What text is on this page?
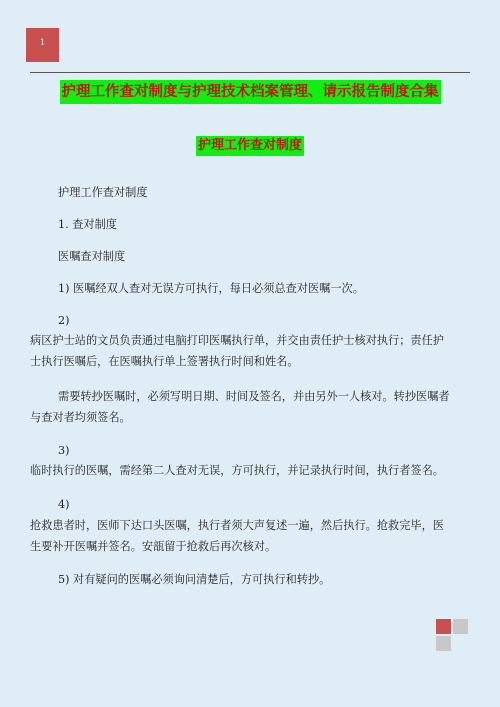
1
护理工作查对制度与护理技术档案管理、请示报告制度合集
护理工作查对制度
护理工作查对制度
1. 查对制度
医嘱查对制度
1) 医嘱经双人查对无误方可执行，每日必须总查对医嘱一次。
2)
病区护士站的文员负责通过电脑打印医嘱执行单，并交由责任护士核对执行；责任护
士执行医嘱后，在医嘱执行单上签署执行时间和姓名。
需要转抄医嘱时，必须写明日期、时间及签名，并由另外一人核对。转抄医嘱者
与查对者均须签名。
3)
临时执行的医嘱，需经第二人查对无误，方可执行，并记录执行时间，执行者签名。
4)
抢救患者时，医师下达口头医嘱，执行者须大声复述一遍，然后执行。抢救完毕，医
生要补开医嘱并签名。安瓿留于抢救后再次核对。
5) 对有疑问的医嘱必须询问清楚后，方可执行和转抄。
